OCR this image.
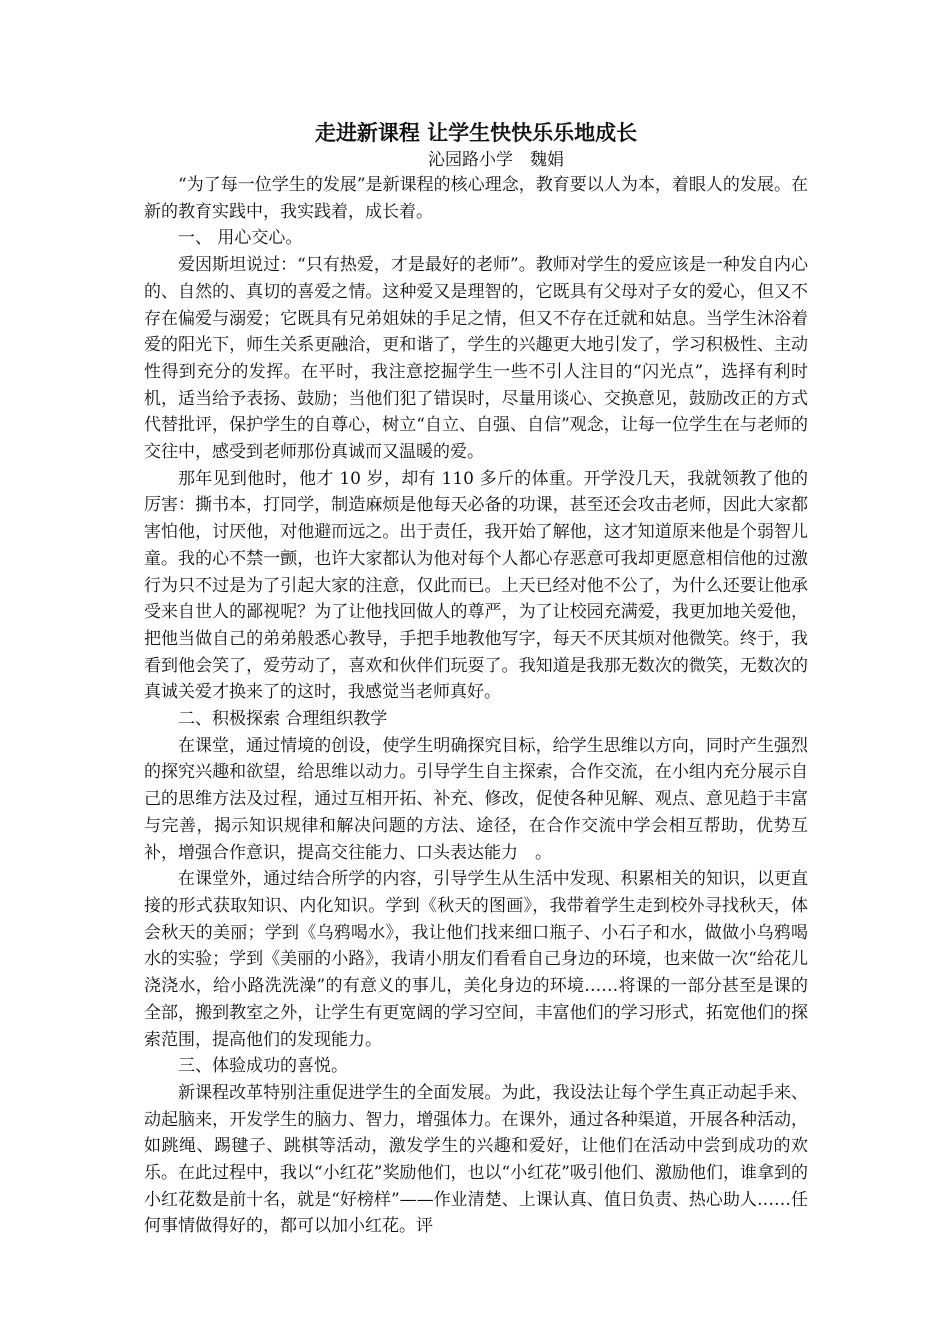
走进新课程 让学生快快乐乐地成长

沁园路小学　魏娟

“为了每一位学生的发展”是新课程的核心理念，教育要以人为本，着眼人的发展。在新的教育实践中，我实践着，成长着。

一、 用心交心。

爱因斯坦说过：“只有热爱，才是最好的老师”。教师对学生的爱应该是一种发自内心的、自然的、真切的喜爱之情。这种爱又是理智的，它既具有父母对子女的爱心，但又不存在偏爱与溺爱；它既具有兄弟姐妹的手足之情，但又不存在迁就和姑息。当学生沐浴着爱的阳光下，师生关系更融洽，更和谐了，学生的兴趣更大地引发了，学习积极性、主动性得到充分的发挥。在平时，我注意挖掘学生一些不引人注目的“闪光点”，选择有利时机，适当给予表扬、鼓励；当他们犯了错误时，尽量用谈心、交换意见，鼓励改正的方式代替批评，保护学生的自尊心，树立“自立、自强、自信”观念，让每一位学生在与老师的交往中，感受到老师那份真诚而又温暖的爱。

那年见到他时，他才 10 岁，却有 110 多斤的体重。开学没几天，我就领教了他的厉害：撕书本，打同学，制造麻烦是他每天必备的功课，甚至还会攻击老师，因此大家都害怕他，讨厌他，对他避而远之。出于责任，我开始了解他，这才知道原来他是个弱智儿童。我的心不禁一颤，也许大家都认为他对每个人都心存恶意可我却更愿意相信他的过激行为只不过是为了引起大家的注意，仅此而已。上天已经对他不公了，为什么还要让他承受来自世人的鄙视呢？为了让他找回做人的尊严，为了让校园充满爱，我更加地关爱他，把他当做自己的弟弟般悉心教导，手把手地教他写字，每天不厌其烦对他微笑。终于，我看到他会笑了，爱劳动了，喜欢和伙伴们玩耍了。我知道是我那无数次的微笑，无数次的真诚关爱才换来了的这时，我感觉当老师真好。

二、积极探索 合理组织教学

在课堂，通过情境的创设，使学生明确探究目标，给学生思维以方向，同时产生强烈的探究兴趣和欲望，给思维以动力。引导学生自主探索，合作交流，在小组内充分展示自己的思维方法及过程，通过互相开拓、补充、修改，促使各种见解、观点、意见趋于丰富与完善，揭示知识规律和解决问题的方法、途径，在合作交流中学会相互帮助，优势互补，增强合作意识，提高交往能力、口头表达能力　。

在课堂外，通过结合所学的内容，引导学生从生活中发现、积累相关的知识，以更直接的形式获取知识、内化知识。学到《秋天的图画》，我带着学生走到校外寻找秋天，体会秋天的美丽；学到《乌鸦喝水》，我让他们找来细口瓶子、小石子和水，做做小乌鸦喝水的实验；学到《美丽的小路》，我请小朋友们看看自己身边的环境，也来做一次“给花儿浇浇水，给小路洗洗澡”的有意义的事儿，美化身边的环境……将课的一部分甚至是课的全部，搬到教室之外，让学生有更宽阔的学习空间，丰富他们的学习形式，拓宽他们的探索范围，提高他们的发现能力。

三、体验成功的喜悦。

新课程改革特别注重促进学生的全面发展。为此，我设法让每个学生真正动起手来、动起脑来，开发学生的脑力、智力，增强体力。在课外，通过各种渠道，开展各种活动，如跳绳、踢毽子、跳棋等活动，激发学生的兴趣和爱好，让他们在活动中尝到成功的欢乐。在此过程中，我以“小红花”奖励他们，也以“小红花”吸引他们、激励他们，谁拿到的小红花数是前十名，就是“好榜样”——作业清楚、上课认真、值日负责、热心助人……任何事情做得好的，都可以加小红花。评
